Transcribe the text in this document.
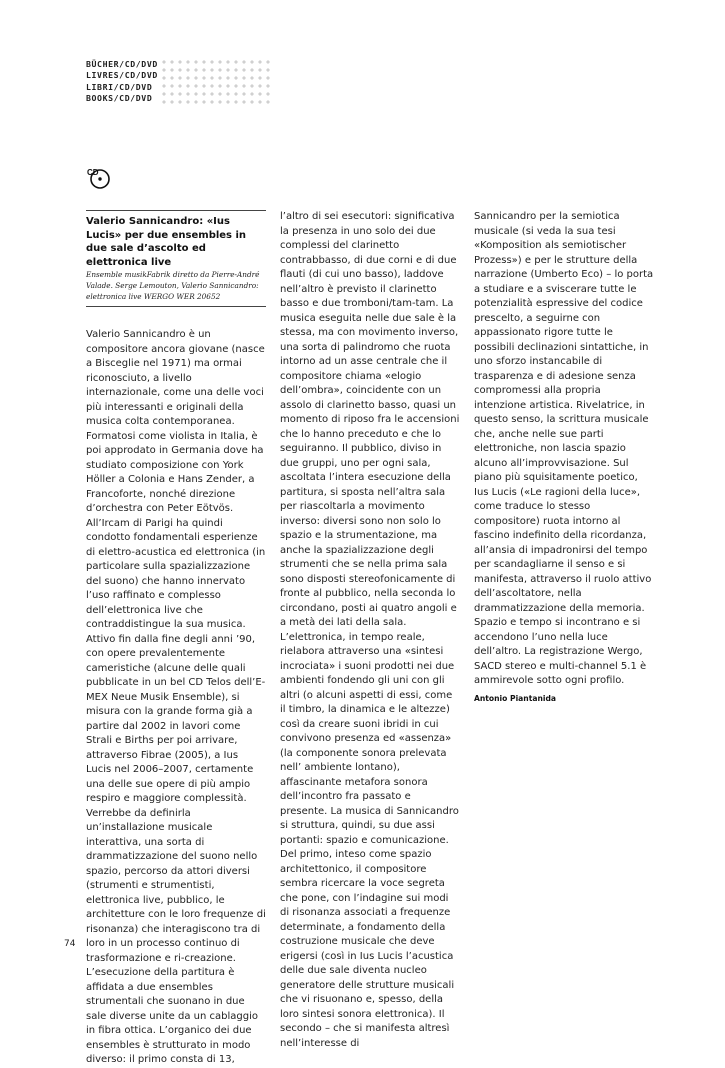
BÜCHER/CD/DVD
LIVRES/CD/DVD
LIBRI/CD/DVD
BOOKS/CD/DVD
CD
Valerio Sannicandro: «Ius Lucis» per due ensembles in due sale d’ascolto ed elettronica live
Ensemble musikFabrik diretto da Pierre-André Valade. Serge Lemouton, Valerio Sannicandro: elettronica live WERGO WER 20652

Valerio Sannicandro è un compositore ancora giovane (nasce a Bisceglie nel 1971) ma ormai riconosciuto, a livello internazionale, come una delle voci più interessanti e originali della musica colta contemporanea. Formatosi come violista in Italia, è poi approdato in Germania dove ha studiato composizione con York Höller a Colonia e Hans Zender, a Francoforte, nonché direzione d’orchestra con Peter Eötvös. All’Ircam di Parigi ha quindi condotto fondamentali esperienze di elettro-acustica ed elettronica (in particolare sulla spazializzazione del suono) che hanno innervato l’uso raffinato e complesso dell’elettronica live che contraddistingue la sua musica. Attivo fin dalla fine degli anni ’90, con opere prevalentemente cameristiche (alcune delle quali pubblicate in un bel CD Telos dell’E-MEX Neue Musik Ensemble), si misura con la grande forma già a partire dal 2002 in lavori come Strali e Births per poi arrivare, attraverso Fibrae (2005), a Ius Lucis nel 2006–2007, certamente una delle sue opere di più ampio respiro e maggiore complessità. Verrebbe da definirla un’installazione musicale interattiva, una sorta di drammatizzazione del suono nello spazio, percorso da attori diversi (strumenti e strumentisti, elettronica live, pubblico, le architetture con le loro frequenze di risonanza) che interagiscono tra di loro in un processo continuo di trasformazione e ri-creazione. L’esecuzione della partitura è affidata a due ensembles strumentali che suonano in due sale diverse unite da un cablaggio in fibra ottica. L’organico dei due ensembles è strutturato in modo diverso: il primo consta di 13,

l’altro di sei esecutori: significativa la presenza in uno solo dei due complessi del clarinetto contrabbasso, di due corni e di due flauti (di cui uno basso), laddove nell’altro è previsto il clarinetto basso e due tromboni/tam-tam. La musica eseguita nelle due sale è la stessa, ma con movimento inverso, una sorta di palindromo che ruota intorno ad un asse centrale che il compositore chiama «elogio dell’ombra», coincidente con un assolo di clarinetto basso, quasi un momento di riposo fra le accensioni che lo hanno preceduto e che lo seguiranno. Il pubblico, diviso in due gruppi, uno per ogni sala, ascoltata l’intera esecuzione della partitura, si sposta nell’altra sala per riascoltarla a movimento inverso: diversi sono non solo lo spazio e la strumentazione, ma anche la spazializzazione degli strumenti che se nella prima sala sono disposti stereofonicamente di fronte al pubblico, nella seconda lo circondano, posti ai quatro angoli e a metà dei lati della sala. L’elettronica, in tempo reale, rielabora attraverso una «sintesi incrociata» i suoni prodotti nei due ambienti fondendo gli uni con gli altri (o alcuni aspetti di essi, come il timbro, la dinamica e le altezze) così da creare suoni ibridi in cui convivono presenza ed «assenza» (la componente sonora prelevata nell’ ambiente lontano), affascinante metafora sonora dell’incontro fra passato e presente. La musica di Sannicandro si struttura, quindi, su due assi portanti: spazio e comunicazione. Del primo, inteso come spazio architettonico, il compositore sembra ricercare la voce segreta che pone, con l’indagine sui modi di risonanza associati a frequenze determinate, a fondamento della costruzione musicale che deve erigersi (così in Ius Lucis l’acustica delle due sale diventa nucleo generatore delle strutture musicali che vi risuonano e, spesso, della loro sintesi sonora elettronica). Il secondo – che si manifesta altresì nell’interesse di

Sannicandro per la semiotica musicale (si veda la sua tesi «Komposition als semiotischer Prozess») e per le strutture della narrazione (Umberto Eco) – lo porta a studiare e a sviscerare tutte le potenzialità espressive del codice prescelto, a seguirne con appassionato rigore tutte le possibili declinazioni sintattiche, in uno sforzo instancabile di trasparenza e di adesione senza compromessi alla propria intenzione artistica. Rivelatrice, in questo senso, la scrittura musicale che, anche nelle sue parti elettroniche, non lascia spazio alcuno all’improvvisazione. Sul piano più squisitamente poetico, Ius Lucis («Le ragioni della luce», come traduce lo stesso compositore) ruota intorno al fascino indefinito della ricordanza, all’ansia di impadronirsi del tempo per scandagliarne il senso e si manifesta, attraverso il ruolo attivo dell’ascoltatore, nella drammatizzazione della memoria. Spazio e tempo si incontrano e si accendono l’uno nella luce dell’altro. La registrazione Wergo, SACD stereo e multi-channel 5.1 è ammirevole sotto ogni profilo.

Antonio Piantanida

74
